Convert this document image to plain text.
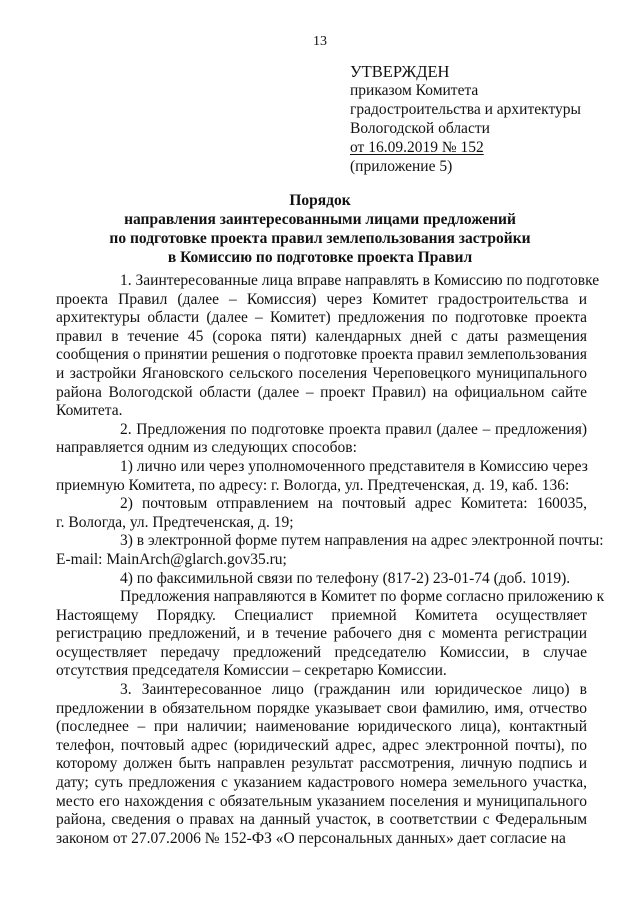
13
УТВЕРЖДЕН
приказом Комитета
градостроительства и архитектуры
Вологодской области
от 16.09.2019 № 152
(приложение 5)
Порядок
направления заинтересованными лицами предложений
по подготовке проекта правил землепользования застройки
в Комиссию по подготовке проекта Правил

1. Заинтересованные лица вправе направлять в Комиссию по подготовке
проекта Правил (далее – Комиссия) через Комитет градостроительства и
архитектуры области (далее – Комитет) предложения по подготовке проекта
правил в течение 45 (сорока пяти) календарных дней с даты размещения
сообщения о принятии решения о подготовке проекта правил землепользования
и застройки Ягановского сельского поселения Череповецкого муниципального
района Вологодской области (далее – проект Правил) на официальном сайте
Комитета.

2. Предложения по подготовке проекта правил (далее – предложения)
направляется одним из следующих способов:

1) лично или через уполномоченного представителя в Комиссию через
приемную Комитета, по адресу: г. Вологда, ул. Предтеченская, д. 19, каб. 136:

2) почтовым отправлением на почтовый адрес Комитета: 160035,
г. Вологда, ул. Предтеченская, д. 19;

3) в электронной форме путем направления на адрес электронной почты:
E-mail: MainArch@glarch.gov35.ru;

4) по факсимильной связи по телефону (817-2) 23-01-74 (доб. 1019).

Предложения направляются в Комитет по форме согласно приложению к
Настоящему Порядку. Специалист приемной Комитета осуществляет
регистрацию предложений, и в течение рабочего дня с момента регистрации
осуществляет передачу предложений председателю Комиссии, в случае
отсутствия председателя Комиссии – секретарю Комиссии.

3. Заинтересованное лицо (гражданин или юридическое лицо) в
предложении в обязательном порядке указывает свои фамилию, имя, отчество
(последнее – при наличии; наименование юридического лица), контактный
телефон, почтовый адрес (юридический адрес, адрес электронной почты), по
которому должен быть направлен результат рассмотрения, личную подпись и
дату; суть предложения с указанием кадастрового номера земельного участка,
место его нахождения с обязательным указанием поселения и муниципального
района, сведения о правах на данный участок, в соответствии с Федеральным
законом от 27.07.2006 № 152-ФЗ «О персональных данных» дает согласие на
